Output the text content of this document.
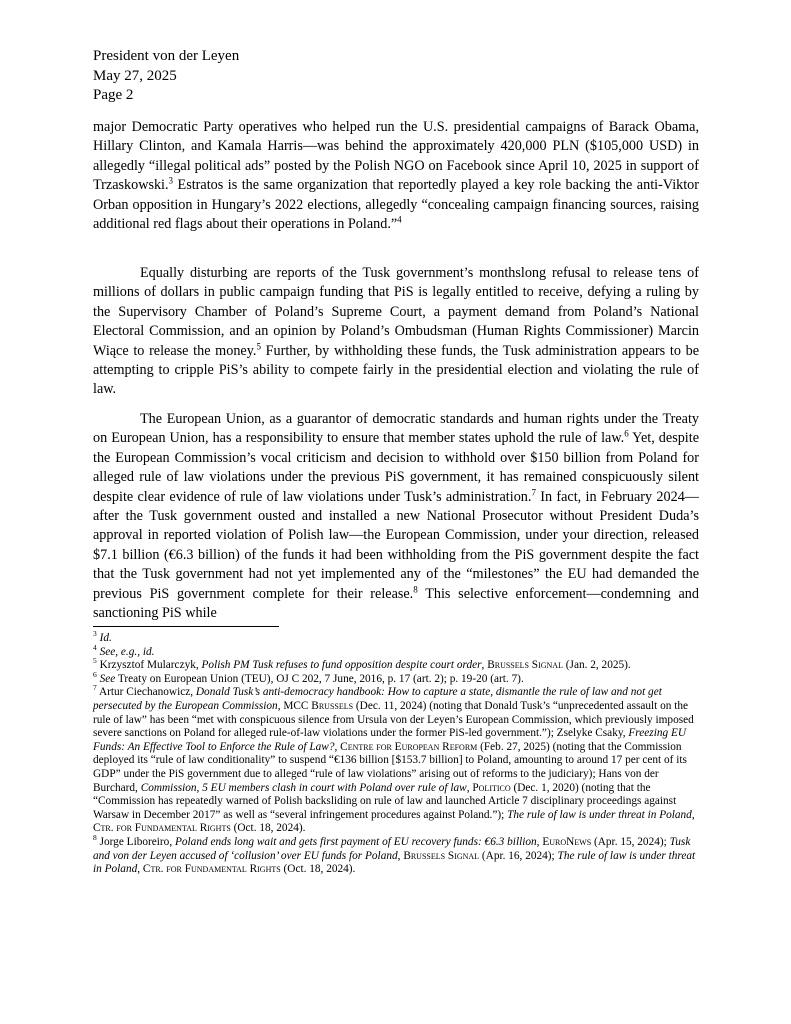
President von der Leyen
May 27, 2025
Page 2

major Democratic Party operatives who helped run the U.S. presidential campaigns of Barack Obama, Hillary Clinton, and Kamala Harris—was behind the approximately 420,000 PLN ($105,000 USD) in allegedly “illegal political ads” posted by the Polish NGO on Facebook since April 10, 2025 in support of Trzaskowski.$^3$ Estratos is the same organization that reportedly played a key role backing the anti-Viktor Orban opposition in Hungary’s 2022 elections, allegedly “concealing campaign financing sources, raising additional red flags about their operations in Poland.”$^4$

Equally disturbing are reports of the Tusk government’s monthslong refusal to release tens of millions of dollars in public campaign funding that PiS is legally entitled to receive, defying a ruling by the Supervisory Chamber of Poland’s Supreme Court, a payment demand from Poland’s National Electoral Commission, and an opinion by Poland’s Ombudsman (Human Rights Commissioner) Marcin Wiące to release the money.$^5$ Further, by withholding these funds, the Tusk administration appears to be attempting to cripple PiS’s ability to compete fairly in the presidential election and violating the rule of law.

The European Union, as a guarantor of democratic standards and human rights under the Treaty on European Union, has a responsibility to ensure that member states uphold the rule of law.$^6$ Yet, despite the European Commission’s vocal criticism and decision to withhold over $150 billion from Poland for alleged rule of law violations under the previous PiS government, it has remained conspicuously silent despite clear evidence of rule of law violations under Tusk’s administration.$^7$ In fact, in February 2024—after the Tusk government ousted and installed a new National Prosecutor without President Duda’s approval in reported violation of Polish law—the European Commission, under your direction, released $7.1 billion (€6.3 billion) of the funds it had been withholding from the PiS government despite the fact that the Tusk government had not yet implemented any of the “milestones” the EU had demanded the previous PiS government complete for their release.$^8$ This selective enforcement—condemning and sanctioning PiS while

$^3$ Id.

$^4$ See, e.g., id.

$^5$ Krzysztof Mularczyk, Polish PM Tusk refuses to fund opposition despite court order, Brussels Signal (Jan. 2, 2025).

$^6$ See Treaty on European Union (TEU), OJ C 202, 7 June, 2016, p. 17 (art. 2); p. 19-20 (art. 7).

$^7$ Artur Ciechanowicz, Donald Tusk’s anti-democracy handbook: How to capture a state, dismantle the rule of law and not get persecuted by the European Commission, MCC Brussels (Dec. 11, 2024) (noting that Donald Tusk’s “unprecedented assault on the rule of law” has been “met with conspicuous silence from Ursula von der Leyen’s European Commission, which previously imposed severe sanctions on Poland for alleged rule-of-law violations under the former PiS-led government.”); Zselyke Csaky, Freezing EU Funds: An Effective Tool to Enforce the Rule of Law?, Centre for European Reform (Feb. 27, 2025) (noting that the Commission deployed its “rule of law conditionality” to suspend “€136 billion [$153.7 billion] to Poland, amounting to around 17 per cent of its GDP” under the PiS government due to alleged “rule of law violations” arising out of reforms to the judiciary); Hans von der Burchard, Commission, 5 EU members clash in court with Poland over rule of law, Politico (Dec. 1, 2020) (noting that the “Commission has repeatedly warned of Polish backsliding on rule of law and launched Article 7 disciplinary proceedings against Warsaw in December 2017” as well as “several infringement procedures against Poland.”); The rule of law is under threat in Poland, Ctr. for Fundamental Rights (Oct. 18, 2024).

$^8$ Jorge Liboreiro, Poland ends long wait and gets first payment of EU recovery funds: €6.3 billion, EuroNews (Apr. 15, 2024); Tusk and von der Leyen accused of ‘collusion’ over EU funds for Poland, Brussels Signal (Apr. 16, 2024); The rule of law is under threat in Poland, Ctr. for Fundamental Rights (Oct. 18, 2024).
